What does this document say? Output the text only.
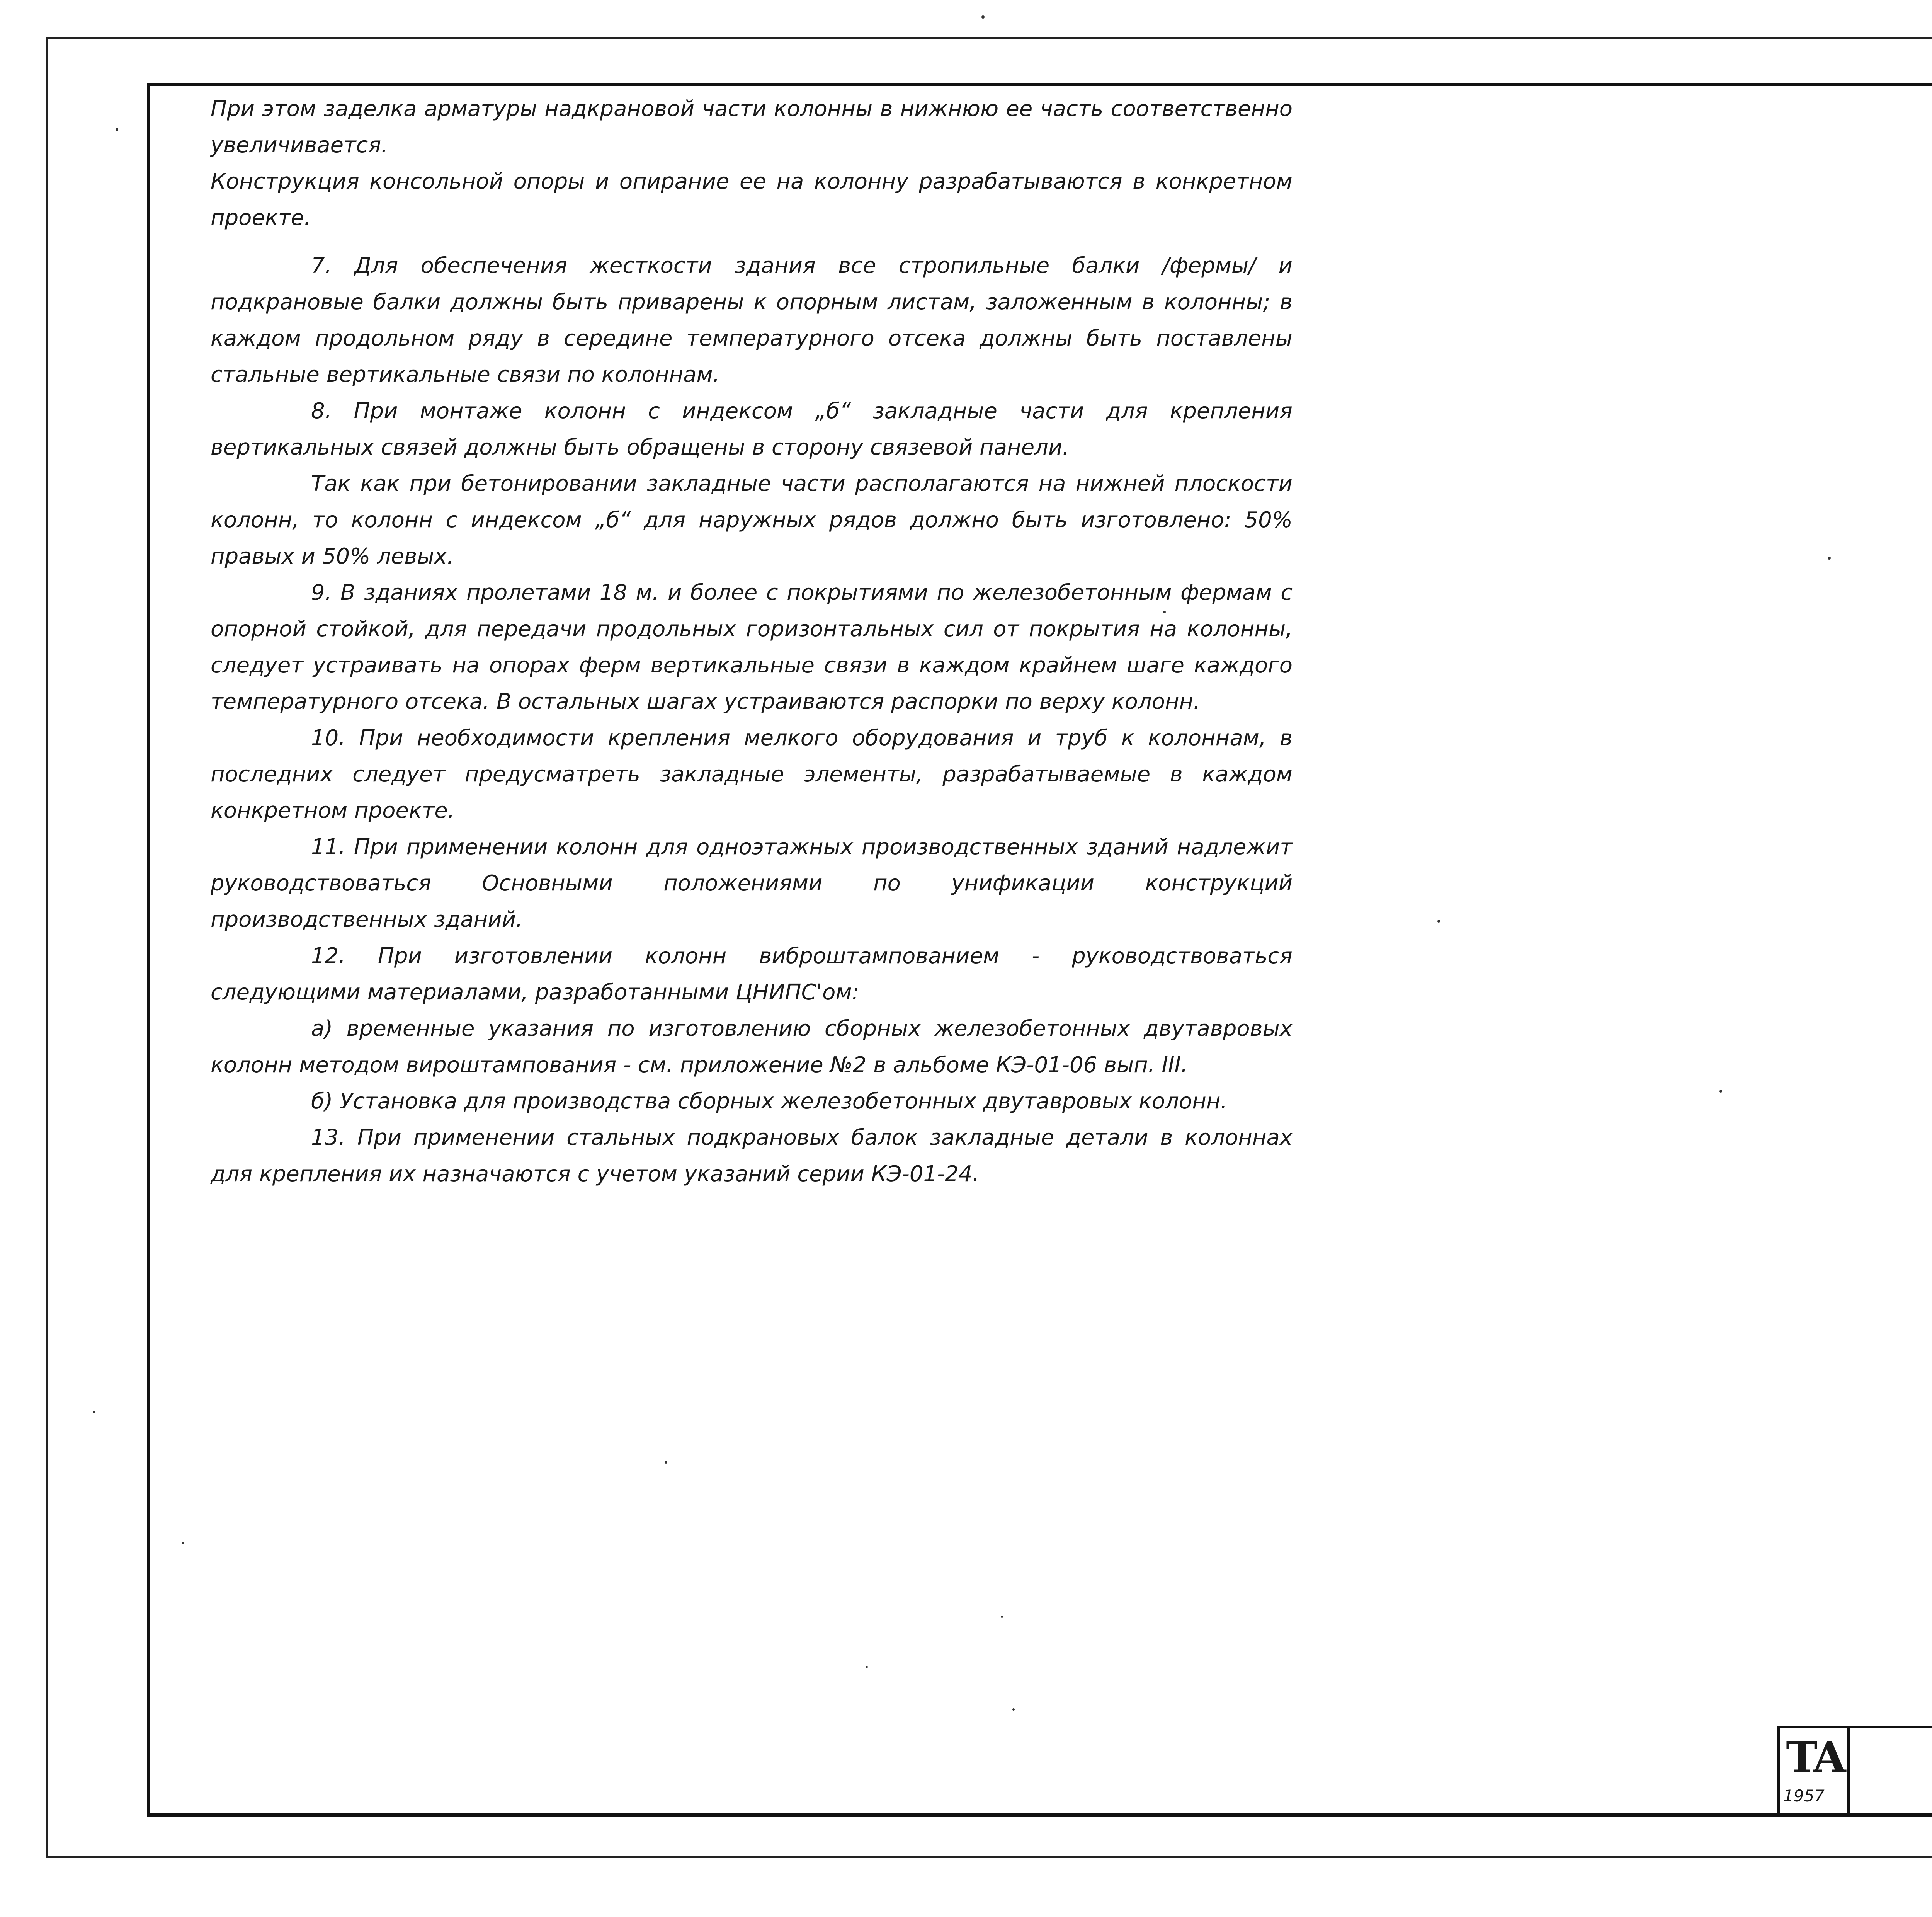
При этом заделка арматуры надкрановой части колонны в нижнюю ее часть соответственно увеличивается.

Конструкция консольной опоры и опирание ее на колонну разрабатываются в конкретном проекте.

7. Для обеспечения жесткости здания все стропильные балки /фермы/ и подкрановые балки должны быть приварены к опорным листам, заложенным в колонны; в каждом продольном ряду в середине температурного отсека должны быть поставлены стальные вертикальные связи по колоннам.

8. При монтаже колонн с индексом „б“ закладные части для крепления вертикальных связей должны быть обращены в сторону связевой панели.

Так как при бетонировании закладные части располагаются на нижней плоскости колонн, то колонн с индексом „б“ для наружных рядов должно быть изготовлено: 50% правых и 50% левых.

9. В зданиях пролетами 18 м. и более с покрытиями по железобетонным фермам с опорной стойкой, для передачи продольных горизонтальных сил от покрытия на колонны, следует устраивать на опорах ферм вертикальные связи в каждом крайнем шаге каждого температурного отсека. В остальных шагах устраиваются распорки по верху колонн.

10. При необходимости крепления мелкого оборудования и труб к колоннам, в последних следует предусматреть закладные элементы, разрабатываемые в каждом конкретном проекте.

11. При применении колонн для одноэтажных производственных зданий надлежит руководствоваться Основными положениями по унификации конструкций производственных зданий.

12. При изготовлении колонн виброштампованием - руководствоваться следующими материалами, разработанными ЦНИПС'ом:

а) временные указания по изготовлению сборных железобетонных двутавровых колонн методом вироштампования - см. приложение №2 в альбоме КЭ-01-06 вып. III.

б) Установка для производства сборных железобетонных двутавровых колонн.

13. При применении стальных подкрановых балок закладные детали в колоннах для крепления их назначаются с учетом указаний серии КЭ-01-24.

ТА
1957
